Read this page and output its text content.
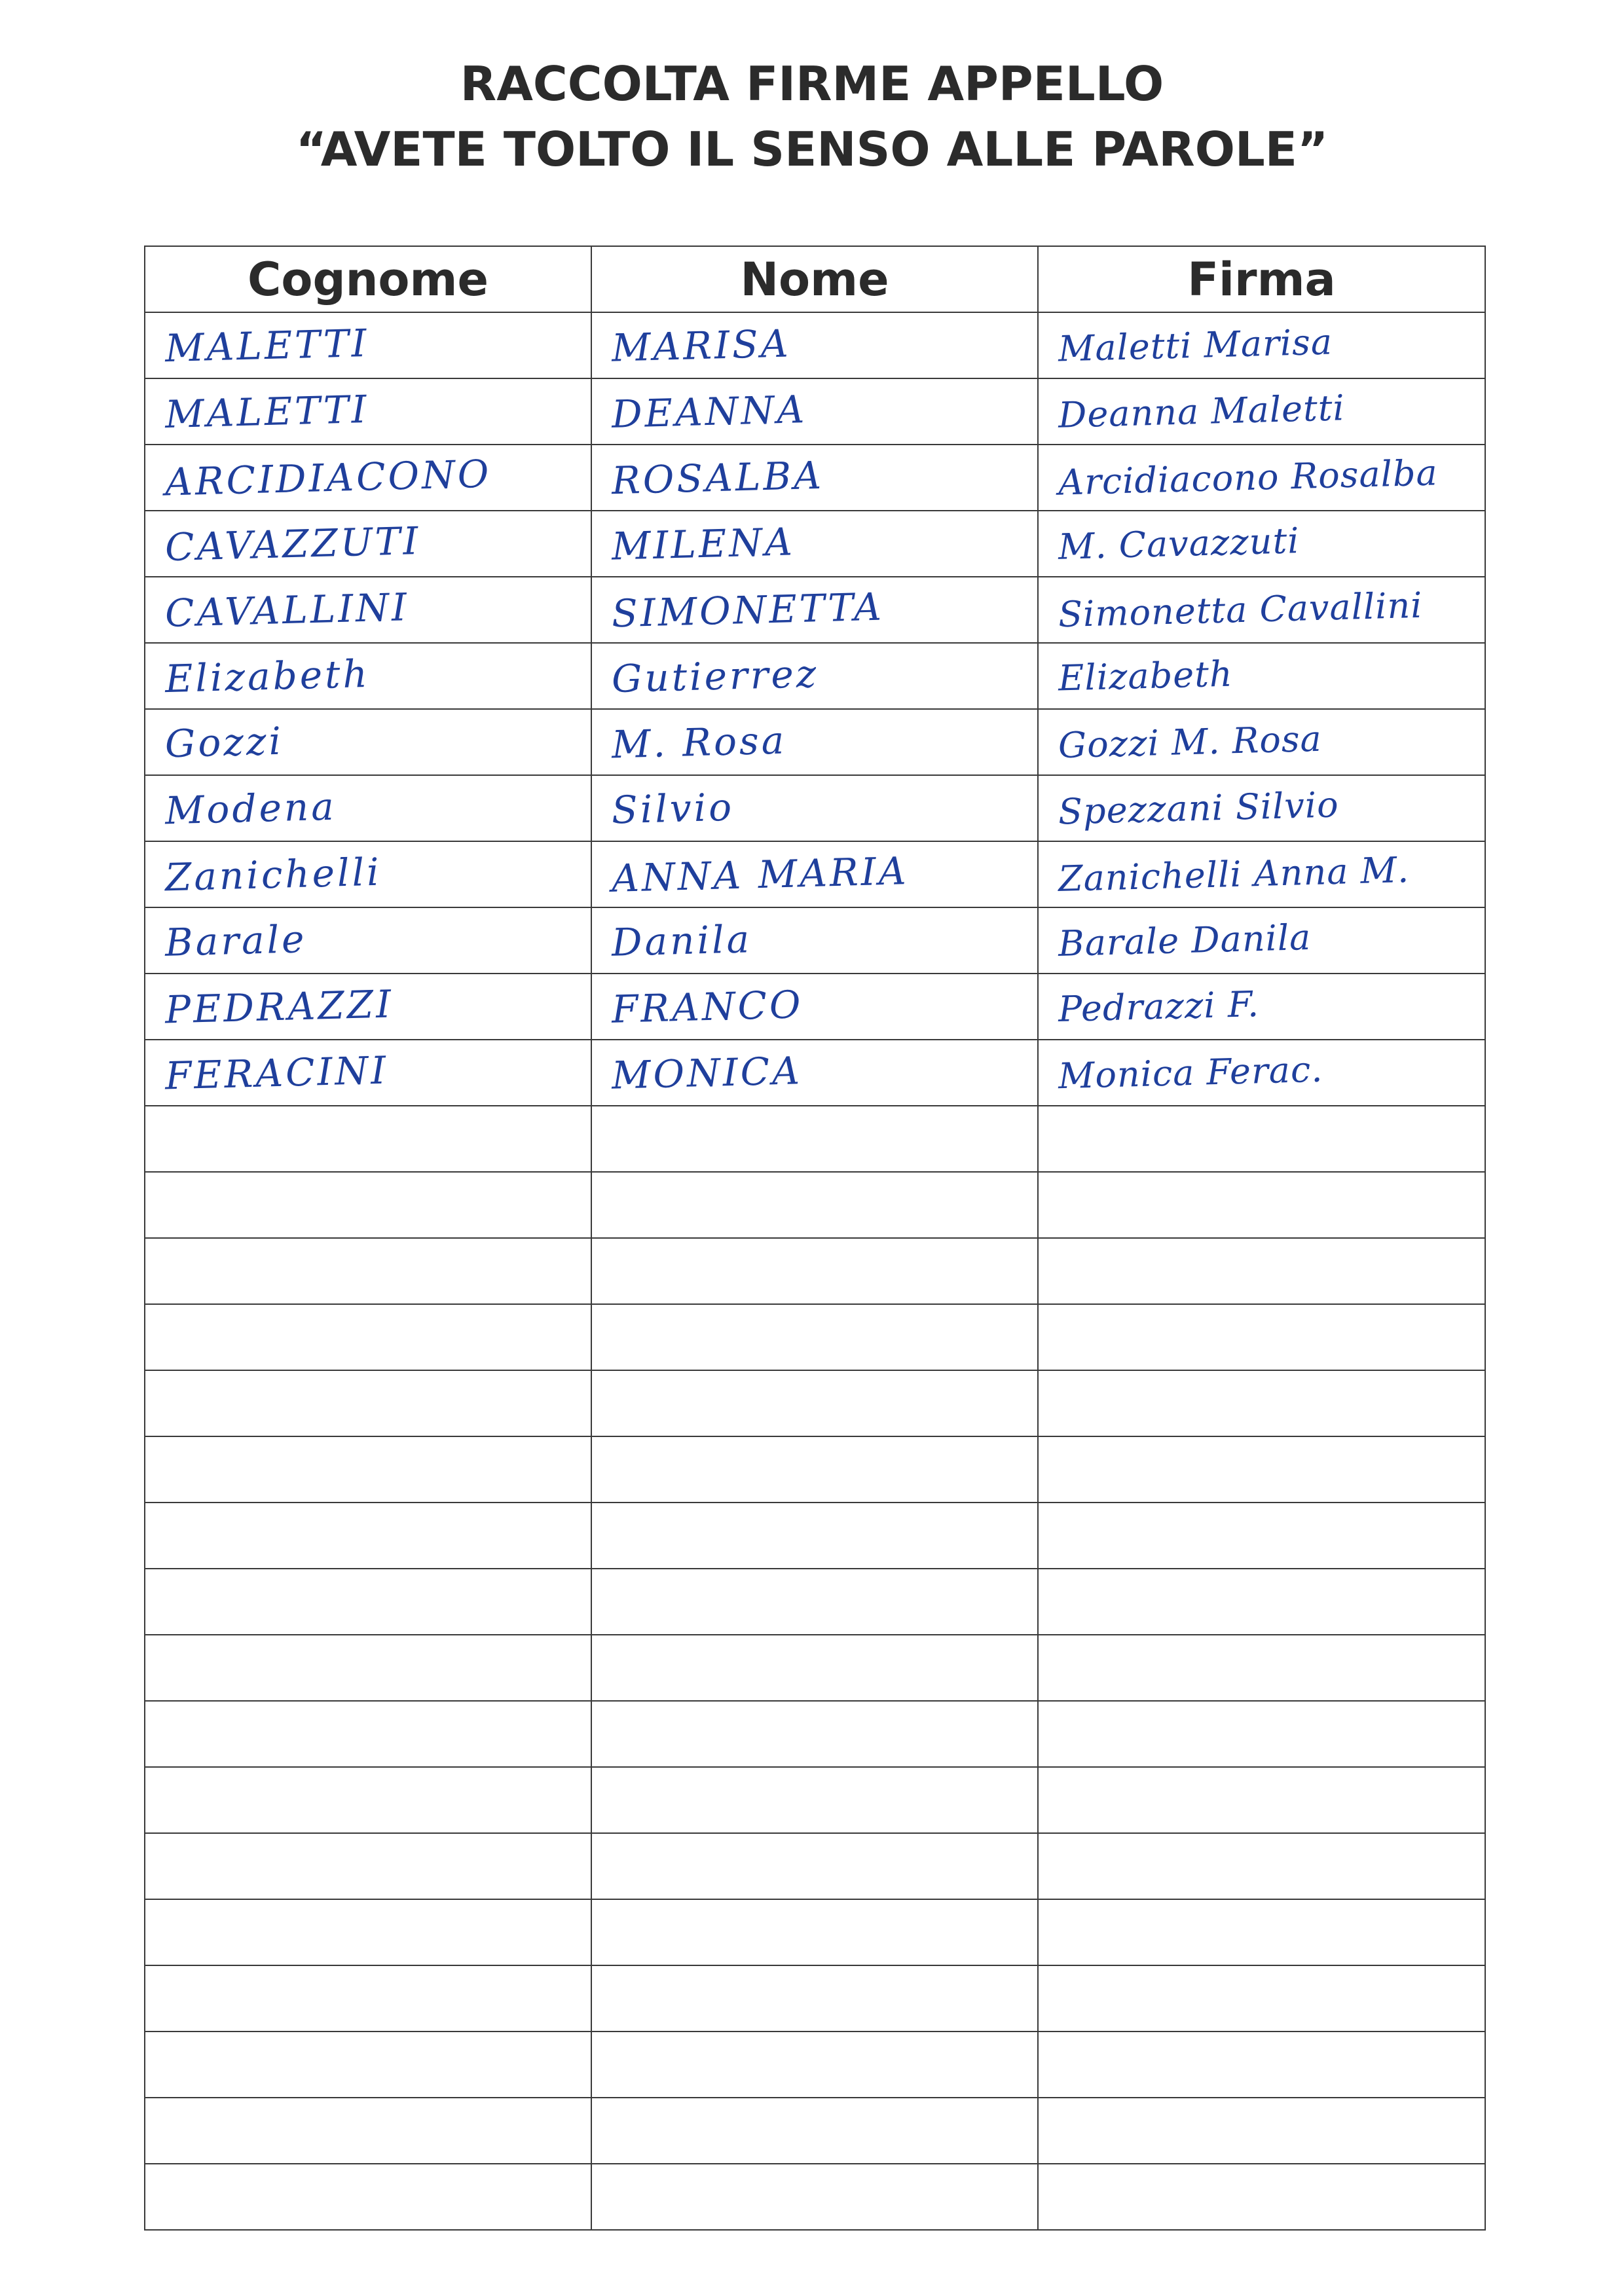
RACCOLTA FIRME APPELLO
“AVETE TOLTO IL SENSO ALLE PAROLE”
Cognome	Nome	Firma
MALETTI	MARISA	Maletti Marisa
MALETTI	DEANNA	Deanna Maletti
ARCIDIACONO	ROSALBA	Arcidiacono Rosalba
CAVAZZUTI	MILENA	M. Cavazzuti
CAVALLINI	SIMONETTA	Simonetta Cavallini
Elizabeth	Gutierrez	Elizabeth
Gozzi	M. Rosa	Gozzi M. Rosa
Modena	Silvio	Spezzani Silvio
Zanichelli	ANNA MARIA	Zanichelli Anna M.
Barale	Danila	Barale Danila
PEDRAZZI	FRANCO	Pedrazzi F.
FERACINI	MONICA	Monica Ferac.
